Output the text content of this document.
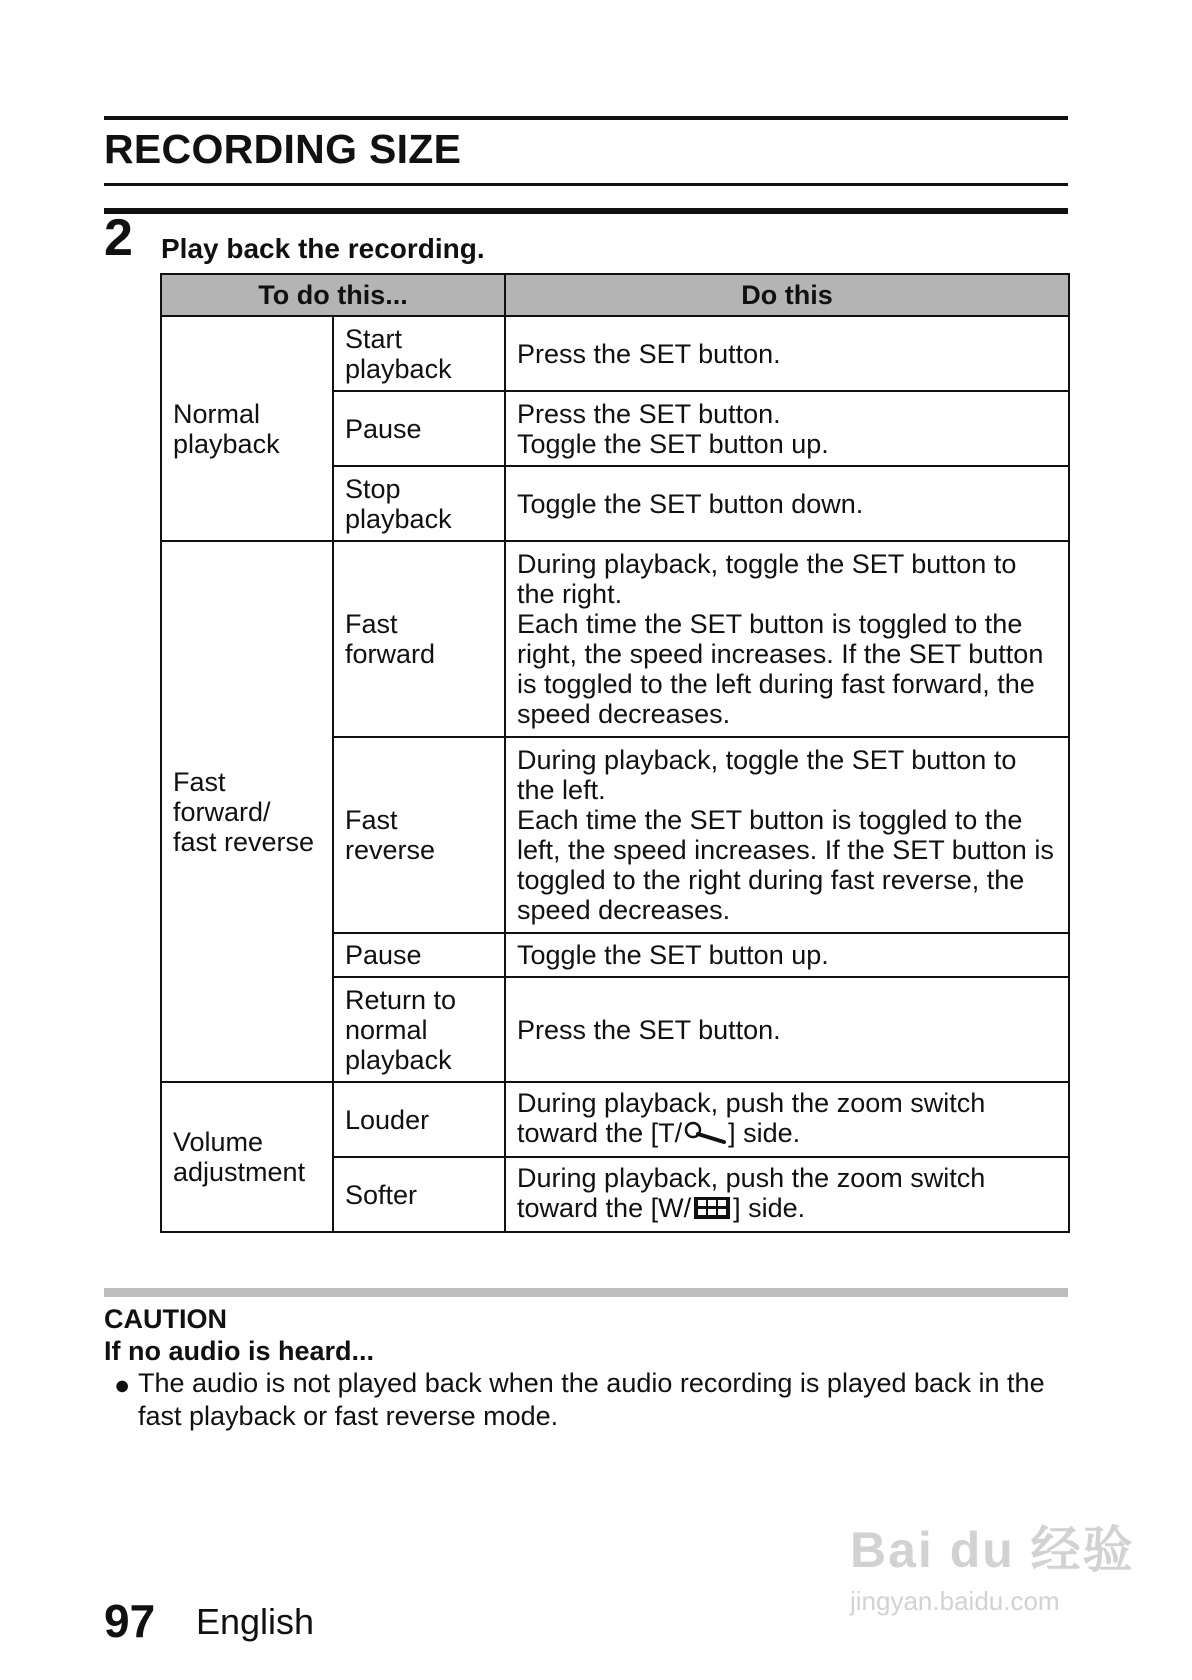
RECORDING SIZE
2 Play back the recording.
To do this...		Do this
Normal playback	Start playback	Press the SET button.

	Pause	Press the SET button.
Toggle the SET button up.

	Stop playback	Toggle the SET button down.

Fast forward/ fast reverse	Fast forward	During playback, toggle the SET button to the right.
Each time the SET button is toggled to the right, the speed increases. If the SET button is toggled to the left during fast forward, the speed decreases.

	Fast reverse	During playback, toggle the SET button to the left.
Each time the SET button is toggled to the left, the speed increases. If the SET button is toggled to the right during fast reverse, the speed decreases.

	Pause	Toggle the SET button up.

	Return to normal playback	Press the SET button.

Volume adjustment	Louder	During playback, push the zoom switch toward the [T/ ] side.
	Softer	During playback, push the zoom switch toward the [W/ ] side.
CAUTION
If no audio is heard...
● The audio is not played back when the audio recording is played back in the fast playback or fast reverse mode.
97 English
Bai du 经验
jingyan.baidu.com
